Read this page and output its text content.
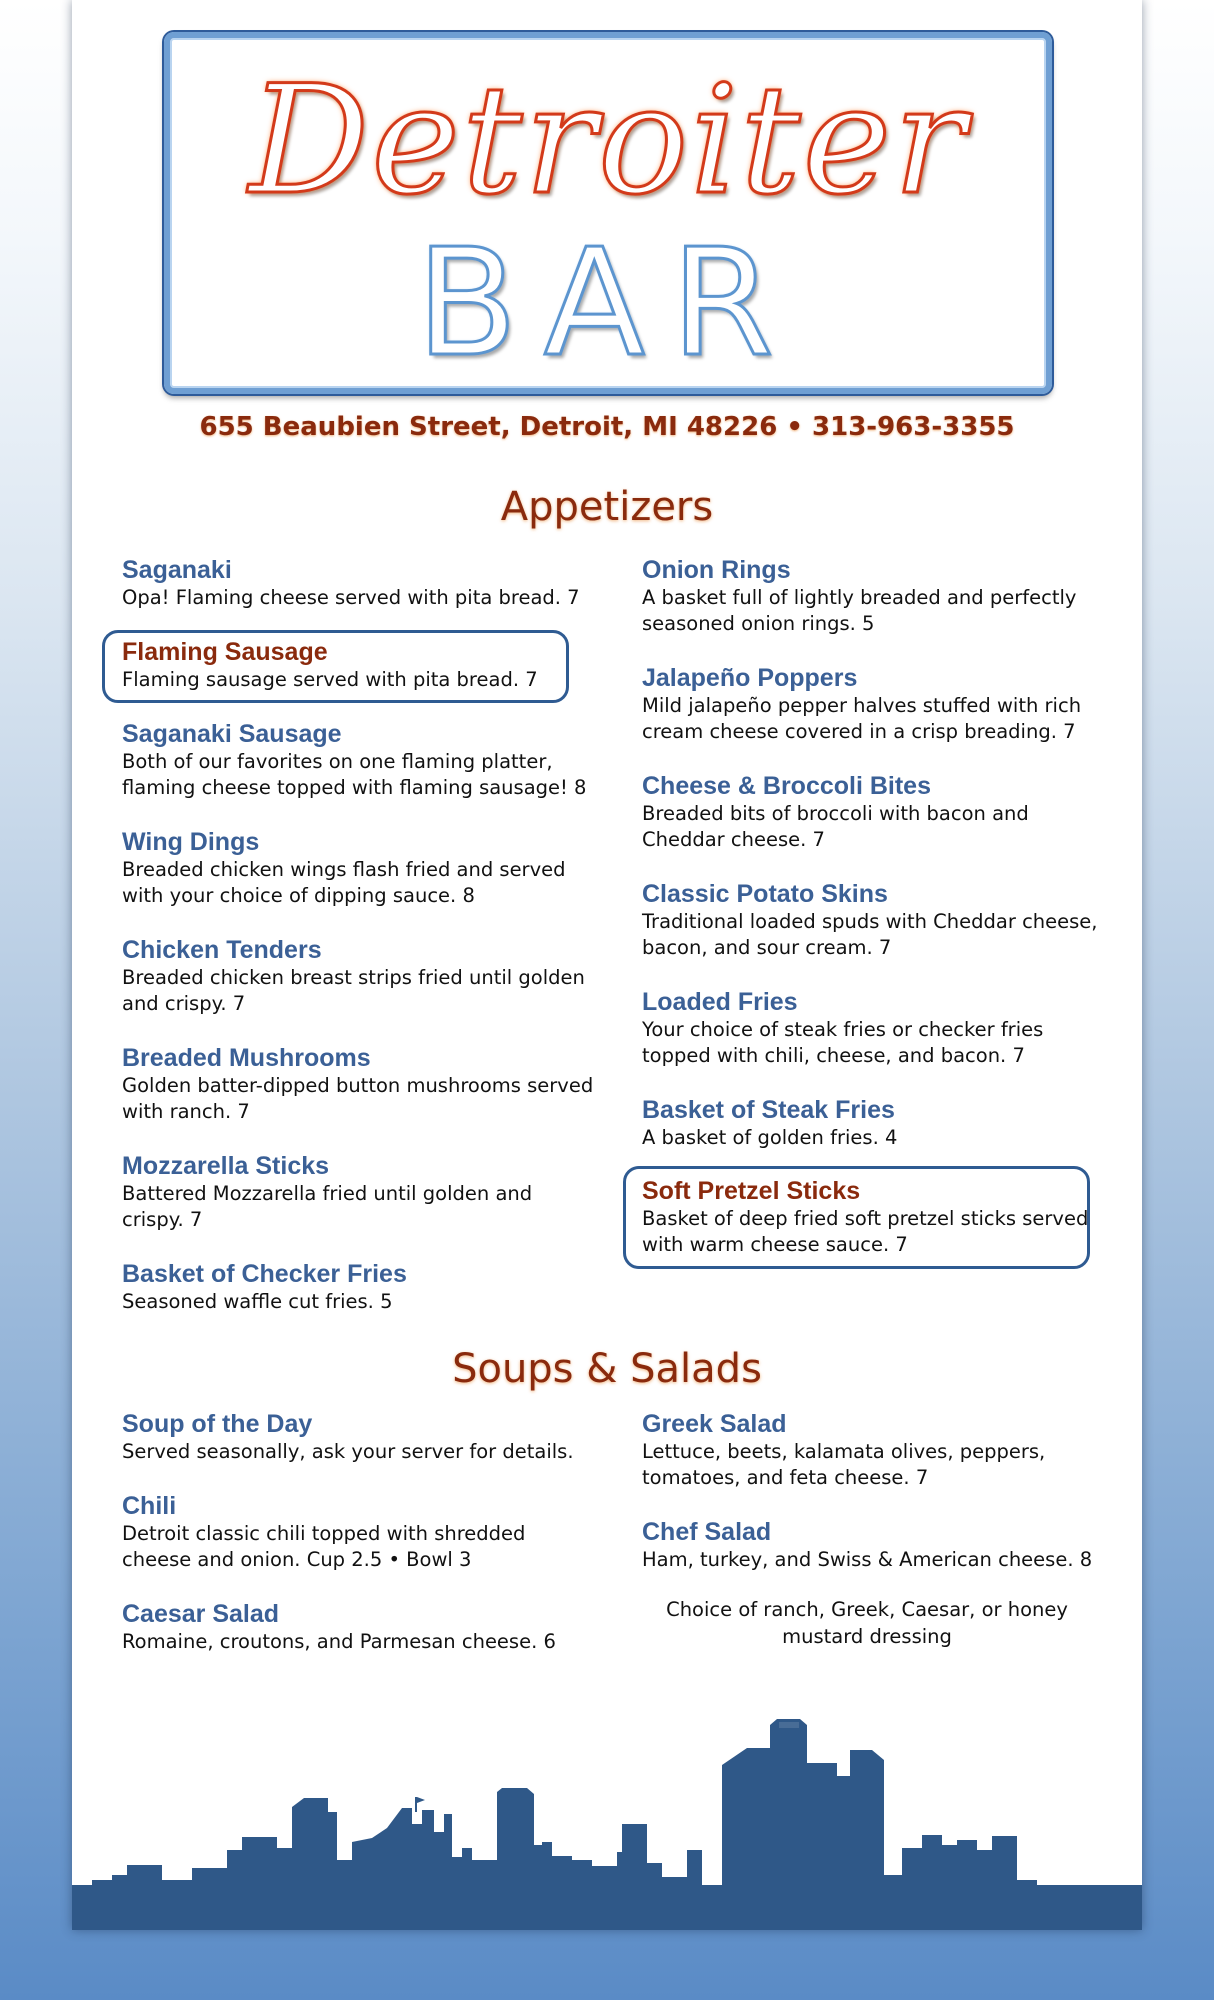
Detroiter
BAR
655 Beaubien Street, Detroit, MI 48226 • 313-963-3355
Appetizers
Saganaki
Opa! Flaming cheese served with pita bread. 7
Flaming Sausage
Flaming sausage served with pita bread. 7
Saganaki Sausage
Both of our favorites on one flaming platter, flaming cheese topped with flaming sausage! 8
Wing Dings
Breaded chicken wings flash fried and served with your choice of dipping sauce. 8
Chicken Tenders
Breaded chicken breast strips fried until golden and crispy. 7
Breaded Mushrooms
Golden batter-dipped button mushrooms served with ranch. 7
Mozzarella Sticks
Battered Mozzarella fried until golden and crispy. 7
Basket of Checker Fries
Seasoned waffle cut fries. 5
Onion Rings
A basket full of lightly breaded and perfectly seasoned onion rings. 5
Jalapeño Poppers
Mild jalapeño pepper halves stuffed with rich cream cheese covered in a crisp breading. 7
Cheese & Broccoli Bites
Breaded bits of broccoli with bacon and Cheddar cheese. 7
Classic Potato Skins
Traditional loaded spuds with Cheddar cheese, bacon, and sour cream. 7
Loaded Fries
Your choice of steak fries or checker fries topped with chili, cheese, and bacon. 7
Basket of Steak Fries
A basket of golden fries. 4
Soft Pretzel Sticks
Basket of deep fried soft pretzel sticks served with warm cheese sauce. 7
Soups & Salads
Soup of the Day
Served seasonally, ask your server for details.
Chili
Detroit classic chili topped with shredded cheese and onion. Cup 2.5 • Bowl 3
Caesar Salad
Romaine, croutons, and Parmesan cheese. 6
Greek Salad
Lettuce, beets, kalamata olives, peppers, tomatoes, and feta cheese. 7
Chef Salad
Ham, turkey, and Swiss & American cheese. 8
Choice of ranch, Greek, Caesar, or honey mustard dressing
